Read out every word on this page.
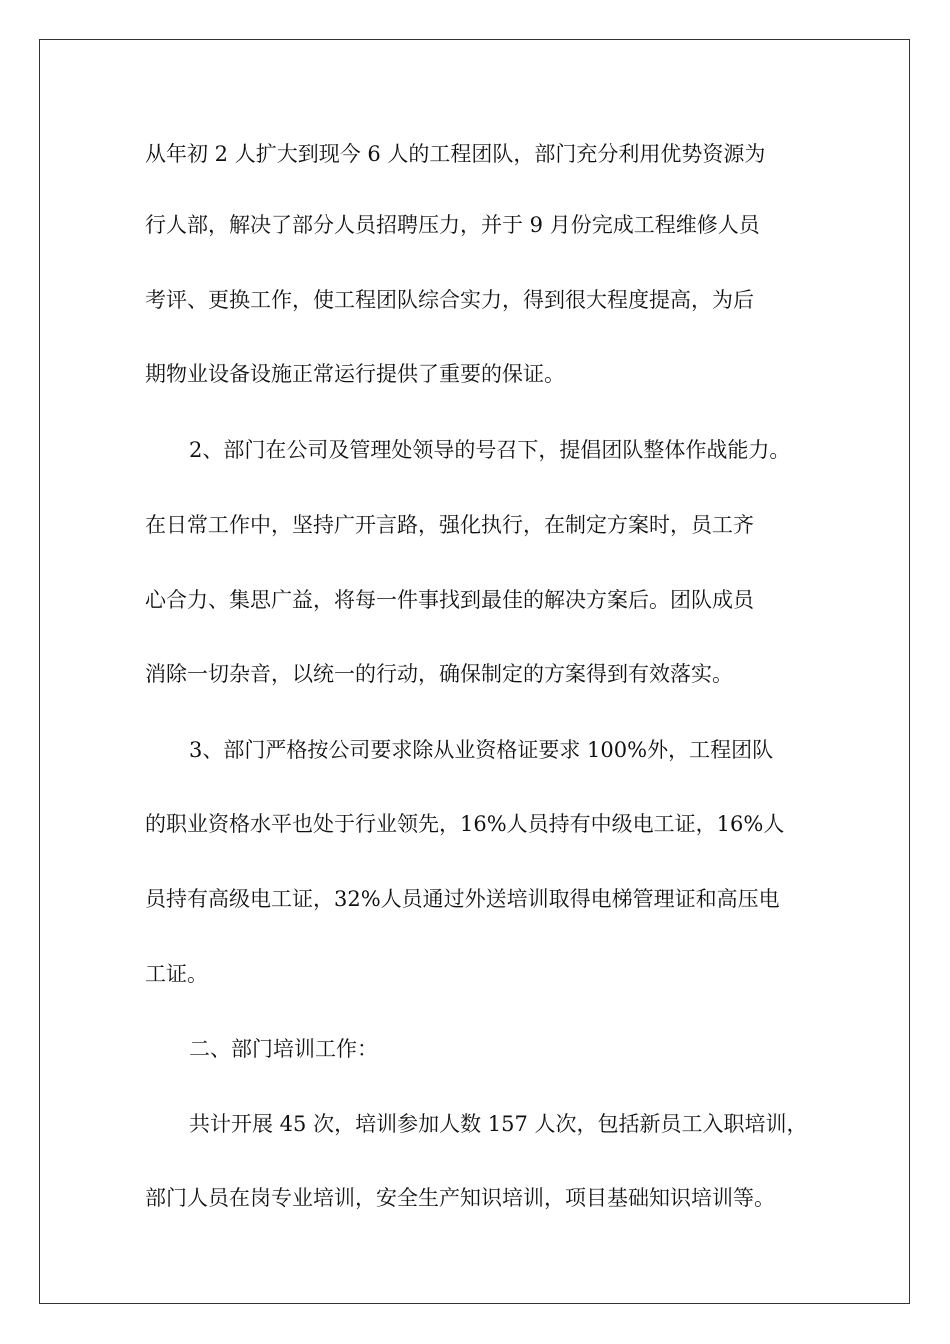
从年初 2 人扩大到现今 6 人的工程团队，部门充分利用优势资源为
行人部，解决了部分人员招聘压力，并于 9 月份完成工程维修人员
考评、更换工作，使工程团队综合实力，得到很大程度提高，为后
期物业设备设施正常运行提供了重要的保证。
2、部门在公司及管理处领导的号召下，提倡团队整体作战能力。
在日常工作中，坚持广开言路，强化执行，在制定方案时，员工齐
心合力、集思广益，将每一件事找到最佳的解决方案后。团队成员
消除一切杂音，以统一的行动，确保制定的方案得到有效落实。
3、部门严格按公司要求除从业资格证要求 100%外，工程团队
的职业资格水平也处于行业领先，16%人员持有中级电工证，16%人
员持有高级电工证，32%人员通过外送培训取得电梯管理证和高压电
工证。
二、部门培训工作：
共计开展 45 次，培训参加人数 157 人次，包括新员工入职培训，
部门人员在岗专业培训，安全生产知识培训，项目基础知识培训等。
